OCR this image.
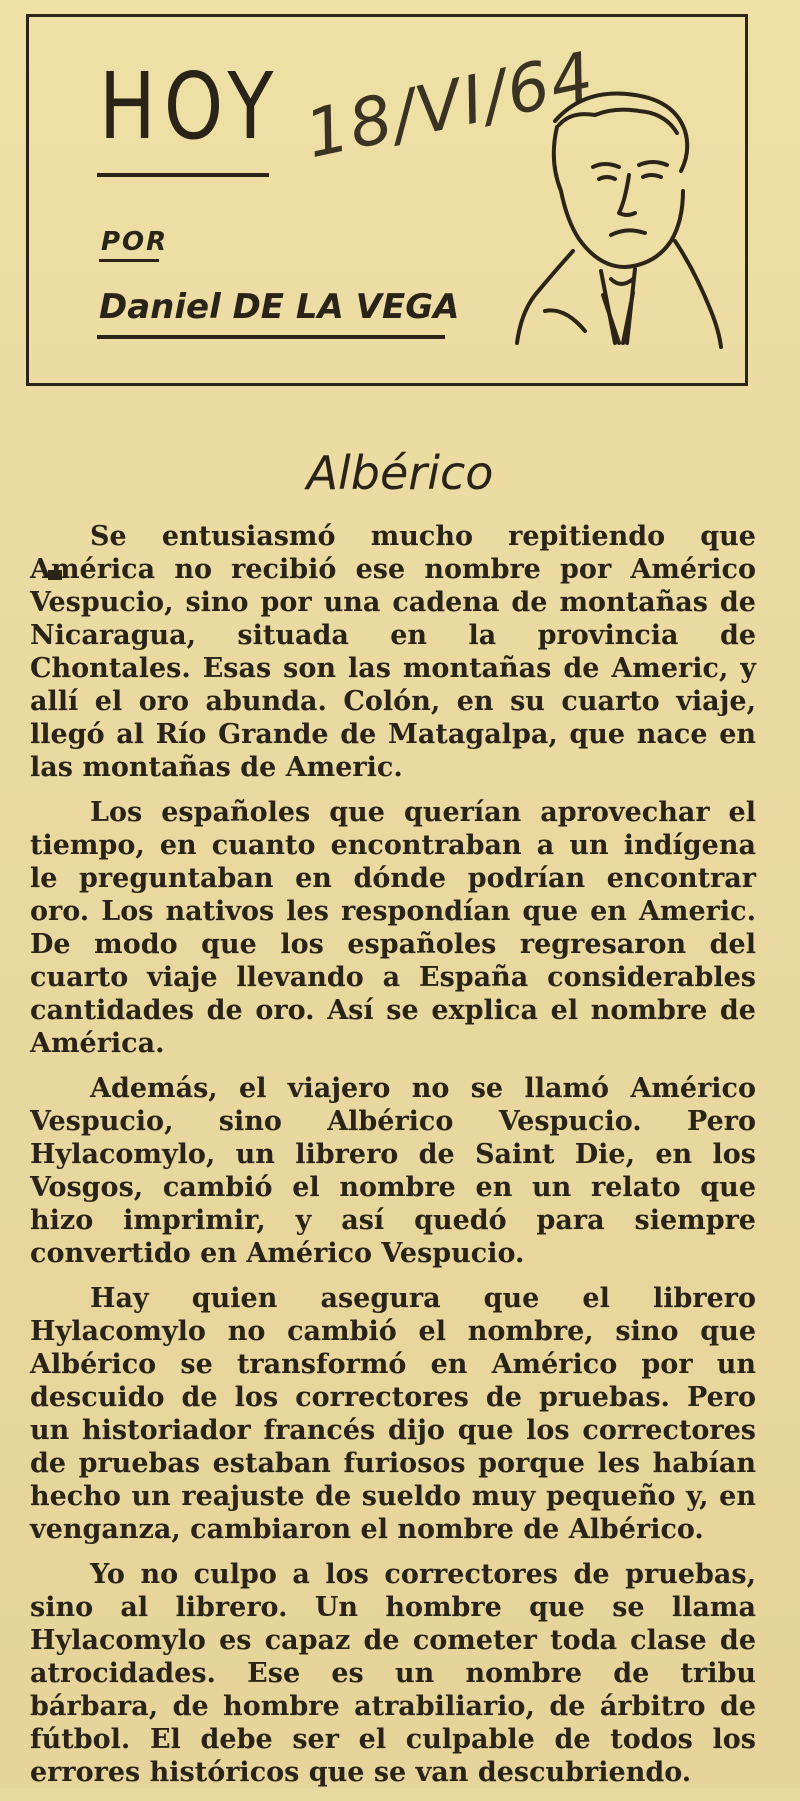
HOY 18/VI/64
POR
Daniel DE LA VEGA
Albérico

Se entusiasmó mucho repitiendo que América no recibió ese nombre por Américo Vespucio, sino por una cadena de montañas de Nicaragua, situada en la provincia de Chontales. Esas son las montañas de Americ, y allí el oro abunda. Colón, en su cuarto viaje, llegó al Río Grande de Matagalpa, que nace en las montañas de Americ.

Los españoles que querían aprovechar el tiempo, en cuanto encontraban a un indígena le preguntaban en dónde podrían encontrar oro. Los nativos les respondían que en Americ. De modo que los españoles regresaron del cuarto viaje llevando a España considerables cantidades de oro. Así se explica el nombre de América.

Además, el viajero no se llamó Américo Vespucio, sino Albérico Vespucio. Pero Hylacomylo, un librero de Saint Die, en los Vosgos, cambió el nombre en un relato que hizo imprimir, y así quedó para siempre convertido en Américo Vespucio.

Hay quien asegura que el librero Hylacomylo no cambió el nombre, sino que Albérico se transformó en Américo por un descuido de los correctores de pruebas. Pero un historiador francés dijo que los correctores de pruebas estaban furiosos porque les habían hecho un reajuste de sueldo muy pequeño y, en venganza, cambiaron el nombre de Albérico.

Yo no culpo a los correctores de pruebas, sino al librero. Un hombre que se llama Hylacomylo es capaz de cometer toda clase de atrocidades. Ese es un nombre de tribu bárbara, de hombre atrabiliario, de árbitro de fútbol. El debe ser el culpable de todos los errores históricos que se van descubriendo.
